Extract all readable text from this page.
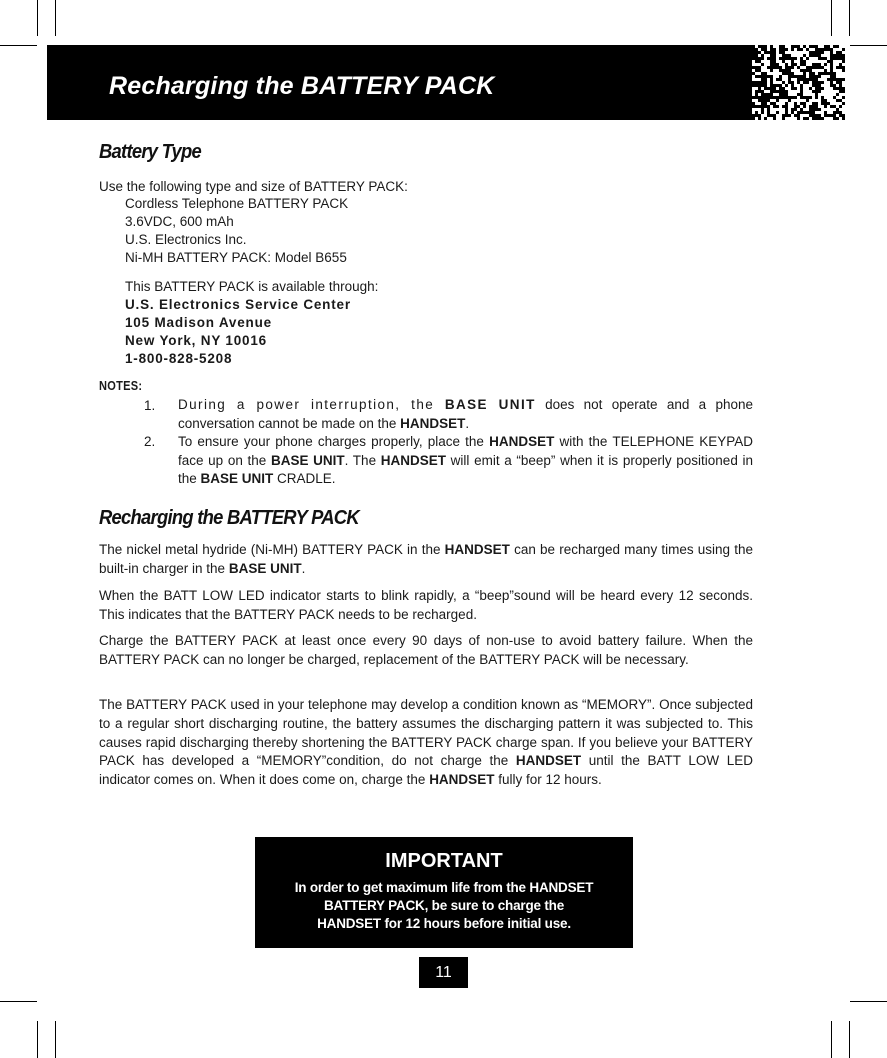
Recharging the BATTERY PACK
Battery Type
Use the following type and size of BATTERY PACK:
Cordless Telephone BATTERY PACK
3.6VDC, 600 mAh
U.S. Electronics Inc.
Ni-MH BATTERY PACK: Model B655
This BATTERY PACK is available through:
U.S. Electronics Service Center
105 Madison Avenue
New York, NY 10016
1-800-828-5208
NOTES:
1. During a power interruption, the BASE UNIT does not operate and a phone conversation cannot be made on the HANDSET.
2. To ensure your phone charges properly, place the HANDSET with the TELEPHONE KEYPAD face up on the BASE UNIT. The HANDSET will emit a “beep” when it is properly positioned in the BASE UNIT CRADLE.
Recharging the BATTERY PACK

The nickel metal hydride (Ni-MH) BATTERY PACK in the HANDSET can be recharged many times using the built-in charger in the BASE UNIT.

When the BATT LOW LED indicator starts to blink rapidly, a “beep”sound will be heard every 12 seconds. This indicates that the BATTERY PACK needs to be recharged.

Charge the BATTERY PACK at least once every 90 days of non-use to avoid battery failure. When the BATTERY PACK can no longer be charged, replacement of the BATTERY PACK will be necessary.

The BATTERY PACK used in your telephone may develop a condition known as “MEMORY”. Once subjected to a regular short discharging routine, the battery assumes the discharging pattern it was subjected to. This causes rapid discharging thereby shortening the BATTERY PACK charge span. If you believe your BATTERY PACK has developed a “MEMORY”condition, do not charge the HANDSET until the BATT LOW LED indicator comes on. When it does come on, charge the HANDSET fully for 12 hours.

IMPORTANT
In order to get maximum life from the HANDSET
BATTERY PACK, be sure to charge the
HANDSET for 12 hours before initial use.
11
